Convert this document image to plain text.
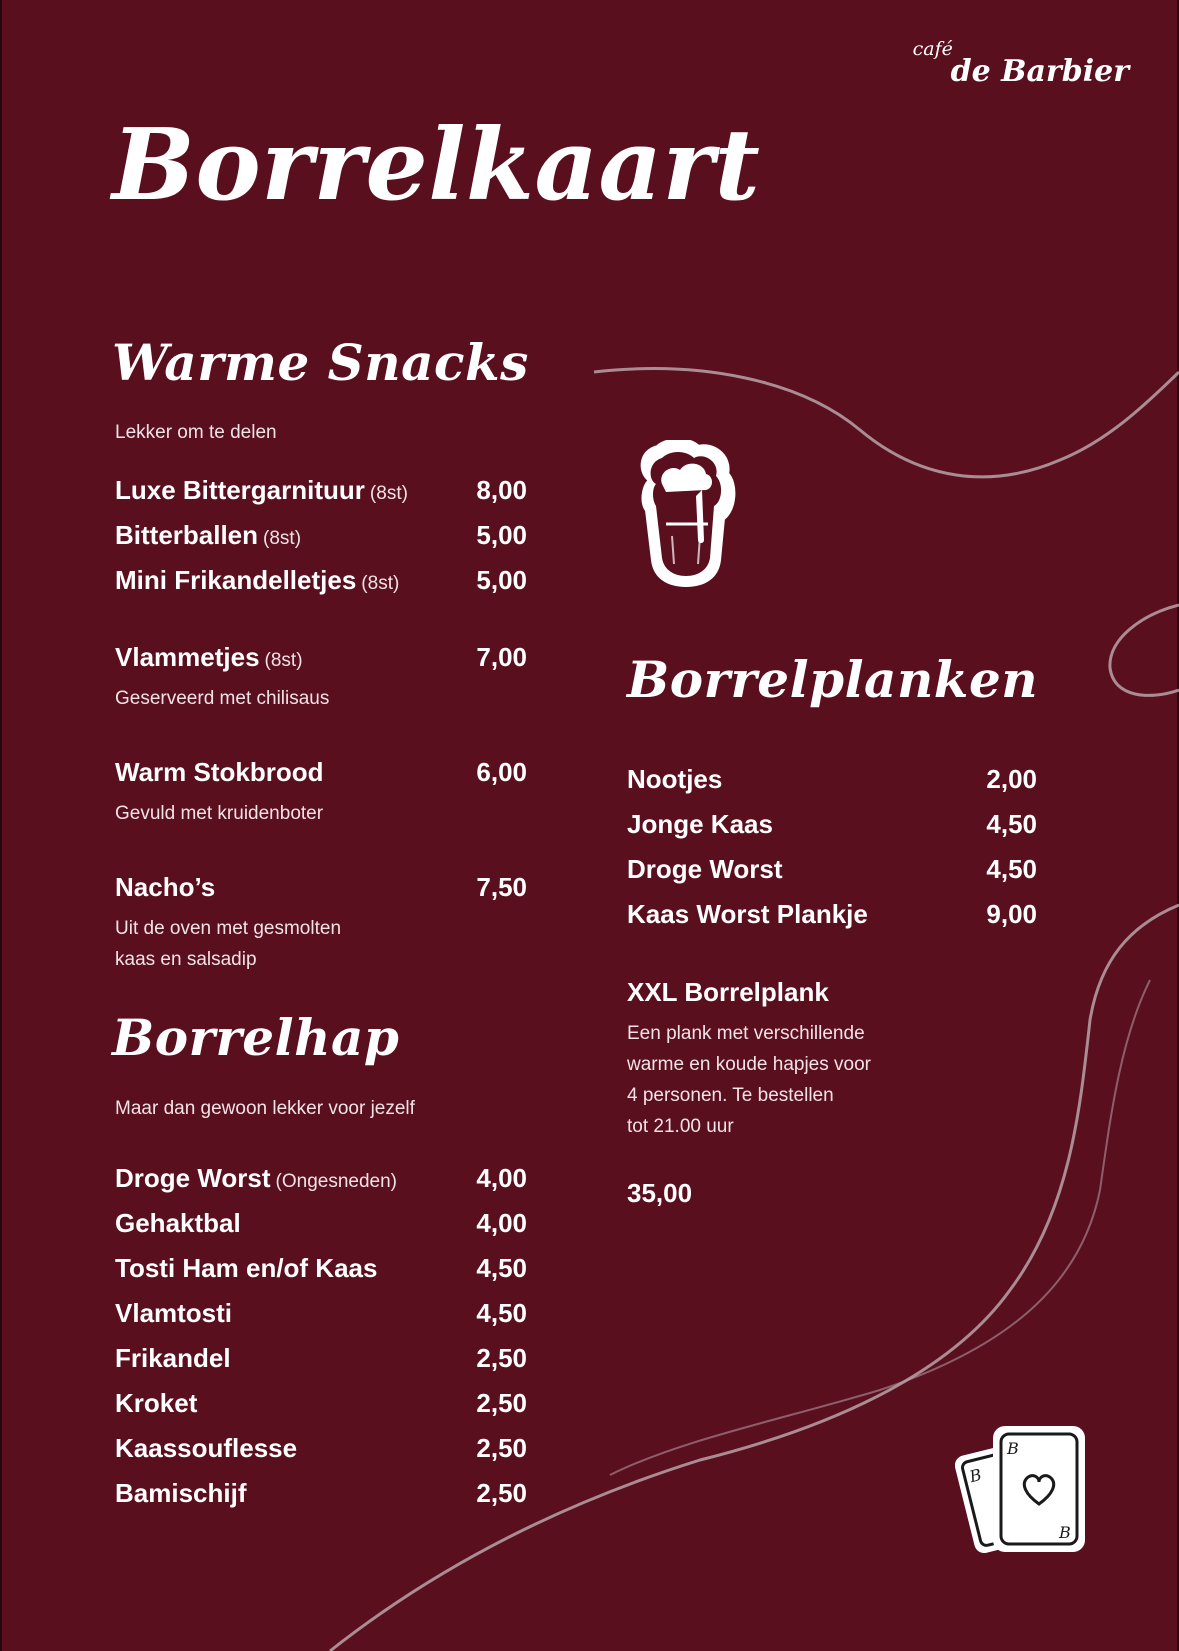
café
de Barbier
Borrelkaart
Warme Snacks

Lekker om te delen

Luxe Bittergarnituur (8st)	8,00
Bitterballen (8st)	5,00
Mini Frikandelletjes (8st)	5,00
Vlammetjes (8st)	7,00
Geserveerd met chilisaus
Warm Stokbrood	6,00
Gevuld met kruidenboter
Nacho’s	7,50
Uit de oven met gesmolten
kaas en salsadip
Borrelhap

Maar dan gewoon lekker voor jezelf

Droge Worst (Ongesneden)	4,00
Gehaktbal	4,00
Tosti Ham en/of Kaas	4,50
Vlamtosti	4,50
Frikandel	2,50
Kroket	2,50
Kaassouflesse	2,50
Bamischijf	2,50
Borrelplanken
Nootjes	2,00
Jonge Kaas	4,50
Droge Worst	4,50
Kaas Worst Plankje	9,00
XXL Borrelplank
Een plank met verschillende
warme en koude hapjes voor
4 personen. Te bestellen
tot 21.00 uur
35,00
B
B
B
